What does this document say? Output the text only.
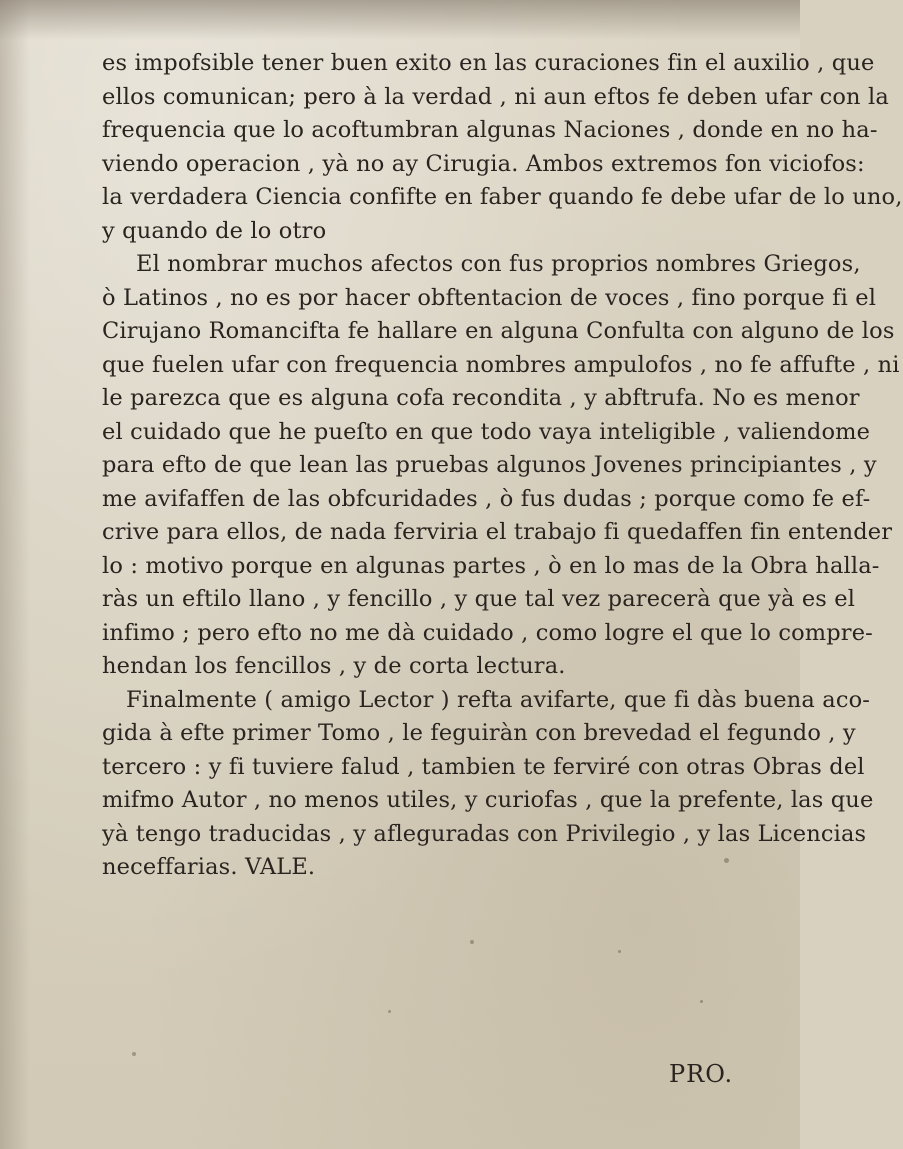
es impofsible tener buen exito en las curaciones fin el auxilio , que
ellos comunican; pero à la verdad , ni aun eftos fe deben ufar con la
frequencia que lo acoftumbran algunas Naciones , donde en no ha-
viendo operacion , yà no ay Cirugia. Ambos extremos fon viciofos:
la verdadera Ciencia confifte en faber quando fe debe ufar de lo uno,
y quando de lo otro
El nombrar muchos afectos con fus proprios nombres Griegos,
ò Latinos , no es por hacer obftentacion de voces , fino porque fi el
Cirujano Romancifta fe hallare en alguna Confulta con alguno de los
que fuelen ufar con frequencia nombres ampulofos , no fe affufte , ni
le parezca que es alguna cofa recondita , y abftrufa. No es menor
el cuidado que he pueſto en que todo vaya inteligible , valiendome
para efto de que lean las pruebas algunos Jovenes principiantes , y
me avifaffen de las obfcuridades , ò fus dudas ; porque como fe ef-
crive para ellos, de nada ferviria el trabajo fi quedaffen fin entender
lo : motivo porque en algunas partes , ò en lo mas de la Obra halla-
ràs un eftilo llano , y fencillo , y que tal vez parecerà que yà es el
infimo ; pero efto no me dà cuidado , como logre el que lo compre-
hendan los fencillos , y de corta lectura.
Finalmente ( amigo Lector ) refta avifarte, que fi dàs buena aco-
gida à efte primer Tomo , le feguiràn con brevedad el fegundo , y
tercero : y fi tuviere falud , tambien te ferviré con otras Obras del
mifmo Autor , no menos utiles, y curiofas , que la prefente, las que
yà tengo traducidas , y afleguradas con Privilegio , y las Licencias
neceffarias. VALE.
PRO.
